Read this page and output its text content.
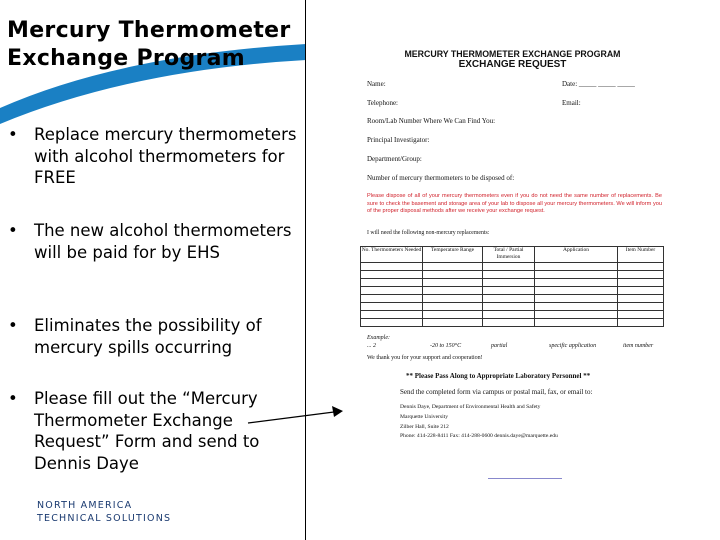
Mercury Thermometer
Exchange Program
• Replace mercury thermometers with alcohol thermometers for FREE
• The new alcohol thermometers will be paid for by EHS
• Eliminates the possibility of mercury spills occurring
• Please fill out the “Mercury Thermometer Exchange Request” Form and send to Dennis Daye
NORTH AMERICA
TECHNICAL SOLUTIONS
MERCURY THERMOMETER EXCHANGE PROGRAM
EXCHANGE REQUEST
Name:	Date: _____ _____ _____
Telephone:	Email:
Room/Lab Number Where We Can Find You:
Principal Investigator:
Department/Group:
Number of mercury thermometers to be disposed of:
Please dispose of all of your mercury thermometers even if you do not need the same number of replacements. Be sure to check the basement and storage area of your lab to dispose all your mercury thermometers. We will inform you of the proper disposal methods after we receive your exchange request.
I will need the following non-mercury replacements:
No. Thermometers Needed	Temperature Range	Total / Partial Immersion	Application	Item Number

Example:
... 2	-20 to 150°C	partial	specific application	item number
We thank you for your support and cooperation!
** Please Pass Along to Appropriate Laboratory Personnel **
Send the completed form via campus or postal mail, fax, or email to:
Dennis Daye, Department of Environmental Health and Safety
Marquette University
Zilber Hall, Suite 212
Phone: 414-228-8411 Fax: 414-288-0600 dennis.daye@marquette.edu
